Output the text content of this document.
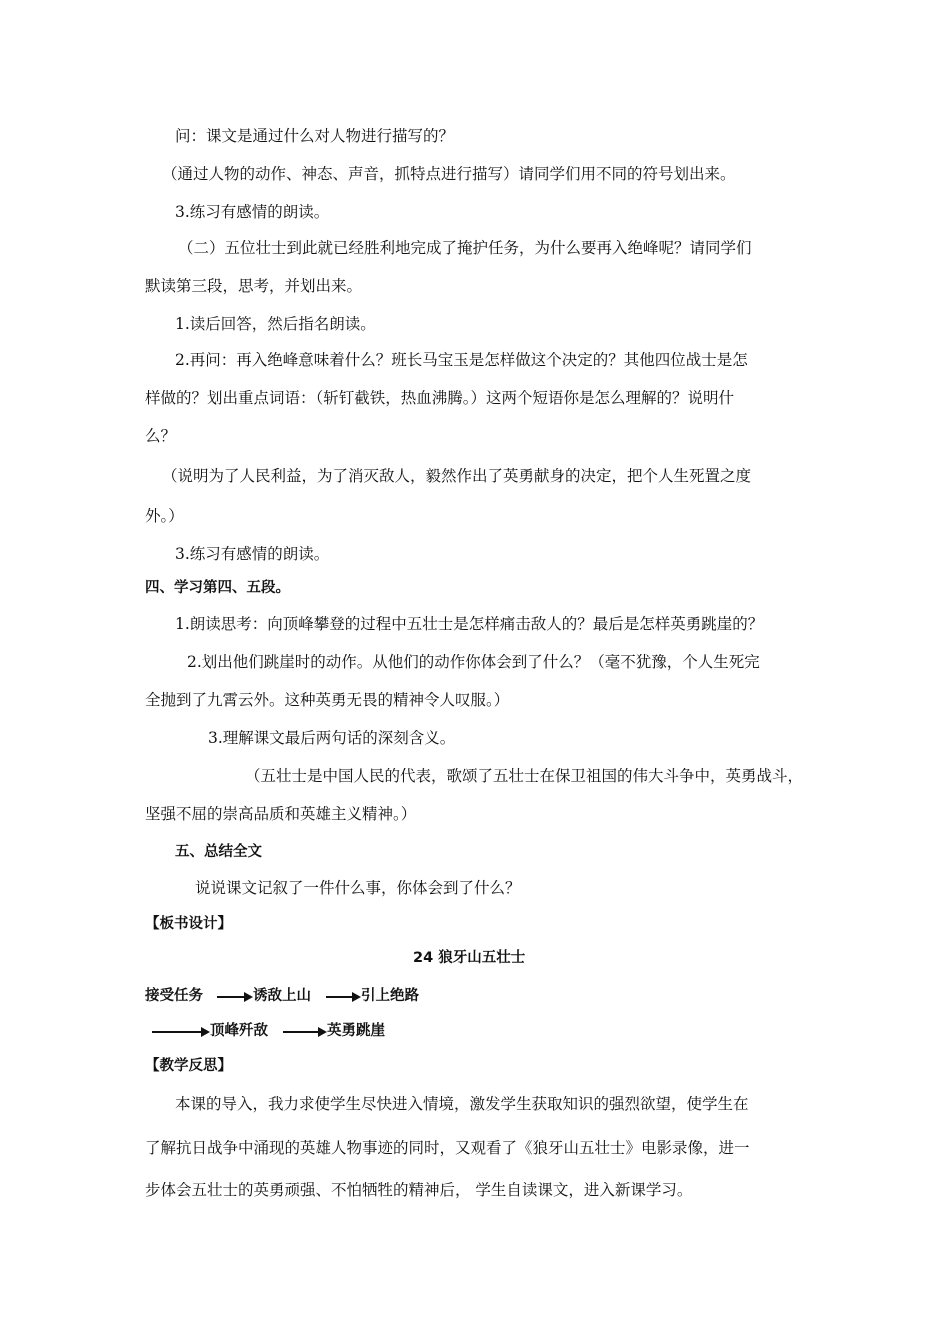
问：课文是通过什么对人物进行描写的？
（通过人物的动作、神态、声音，抓特点进行描写）请同学们用不同的符号划出来。
3.练习有感情的朗读。
（二）五位壮士到此就已经胜利地完成了掩护任务，为什么要再入绝峰呢？请同学们
默读第三段，思考，并划出来。
1.读后回答，然后指名朗读。
2.再问：再入绝峰意味着什么？班长马宝玉是怎样做这个决定的？其他四位战士是怎
样做的？划出重点词语：（斩钉截铁，热血沸腾。）这两个短语你是怎么理解的？说明什
么？
（说明为了人民利益，为了消灭敌人，毅然作出了英勇献身的决定，把个人生死置之度
外。）
3.练习有感情的朗读。
四、学习第四、五段。
1.朗读思考：向顶峰攀登的过程中五壮士是怎样痛击敌人的？最后是怎样英勇跳崖的？
2.划出他们跳崖时的动作。从他们的动作你体会到了什么？（毫不犹豫，个人生死完
全抛到了九霄云外。这种英勇无畏的精神令人叹服。）
3.理解课文最后两句话的深刻含义。
（五壮士是中国人民的代表，歌颂了五壮士在保卫祖国的伟大斗争中，英勇战斗，
坚强不屈的崇高品质和英雄主义精神。）
五、总结全文
说说课文记叙了一件什么事，你体会到了什么？
【板书设计】
24 狼牙山五壮士
接受任务	诱敌上山	引上绝路
顶峰歼敌	英勇跳崖
【教学反思】
本课的导入，我力求使学生尽快进入情境，激发学生获取知识的强烈欲望，使学生在
了解抗日战争中涌现的英雄人物事迹的同时，又观看了《狼牙山五壮士》电影录像，进一
步体会五壮士的英勇顽强、不怕牺牲的精神后， 学生自读课文，进入新课学习。
